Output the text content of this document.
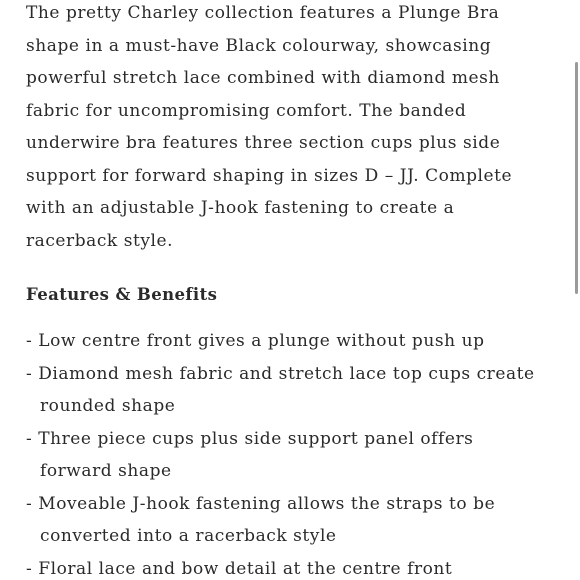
The pretty Charley collection features a Plunge Bra
shape in a must-have Black colourway, showcasing
powerful stretch lace combined with diamond mesh
fabric for uncompromising comfort. The banded
underwire bra features three section cups plus side
support for forward shaping in sizes D – JJ. Complete
with an adjustable J-hook fastening to create a
racerback style.

Features & Benefits
- Low centre front gives a plunge without push up
- Diamond mesh fabric and stretch lace top cups create
rounded shape
- Three piece cups plus side support panel offers
forward shape
- Moveable J-hook fastening allows the straps to be
converted into a racerback style
- Floral lace and bow detail at the centre front
